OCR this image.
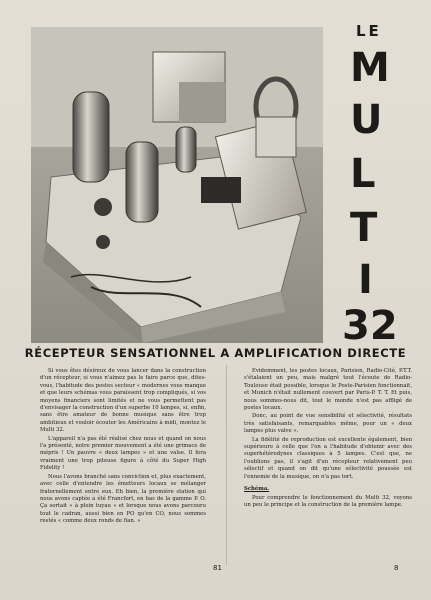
LE
M
U
L
T
I
32
RÉCEPTEUR SENSATIONNEL A AMPLIFICATION DIRECTE

Si vous êtes désireux de vous lancer dans la construction d'un récepteur, si vous n'aimez pas le faire parce que, dites-vous, l'habitude des postes secteur « modernes vous manque et que leurs schémas vous paraissent trop compliqués, si vos moyens financiers sont limités et ne vous permettent pas d'envisager la construction d'un superbe 10 lampes, si, enfin, sans être amateur de bonne musique sans être trop ambitieux et vouloir écouter les Américains à midi, montez le Multi 32.

L'appareil n'a pas été réalisé chez nous et quand on nous l'a présenté, notre premier mouvement a été une grimace de mépris ! Un pauvre « deux lampes » et une valse. Il fera vraiment une trop piteuse figure à côté du Super High Fidelity !

Nous l'avons branché sans conviction et, plus exactement, avec celle d'entendre les émetteurs locaux se mélanger fraternellement entre eux. Eh bien, la première station qui nous avons captée a été Francfort, en bas de la gamme P. O. Ça sortait « à plein tuyau » et lorsque nous avons parcouru tout le cadran, aussi bien en PO qu'en CO, nous sommes restés « comme deux ronds de flan. »

Evidemment, les postes locaux, Parisien, Radio-Cité, P.T.T. s'étalaient un peu, mais malgré tout l'écoute de Radio-Toulouse était possible, lorsque le Poste-Parisien fonctionnait, et Munich n'était nullement couvert par Paris-P. T. T. Et puis, nous sommes-nous dit, tout le monde n'est pas affligé de postes locaux.

Donc, au point de vue sensibilité et sélectivité, résultats très satisfaisants, remarquables même, pour un « deux lampes plus valve ».

La fidélité de reproduction est excellente également, bien supérieure à celle que l'on a l'habitude d'obtenir avec des superhétérodynes classiques à 5 lampes. C'est que, ne l'oublions pas, il s'agit d'un récepteur relativement peu sélectif et quand on dit qu'une sélectivité poussée est l'ennemie de la musique, on n'a pas tort.

Schéma.

Pour comprendre le fonctionnement du Multi 32, voyons un peu le principe et la construction de la première lampe.

81	8
